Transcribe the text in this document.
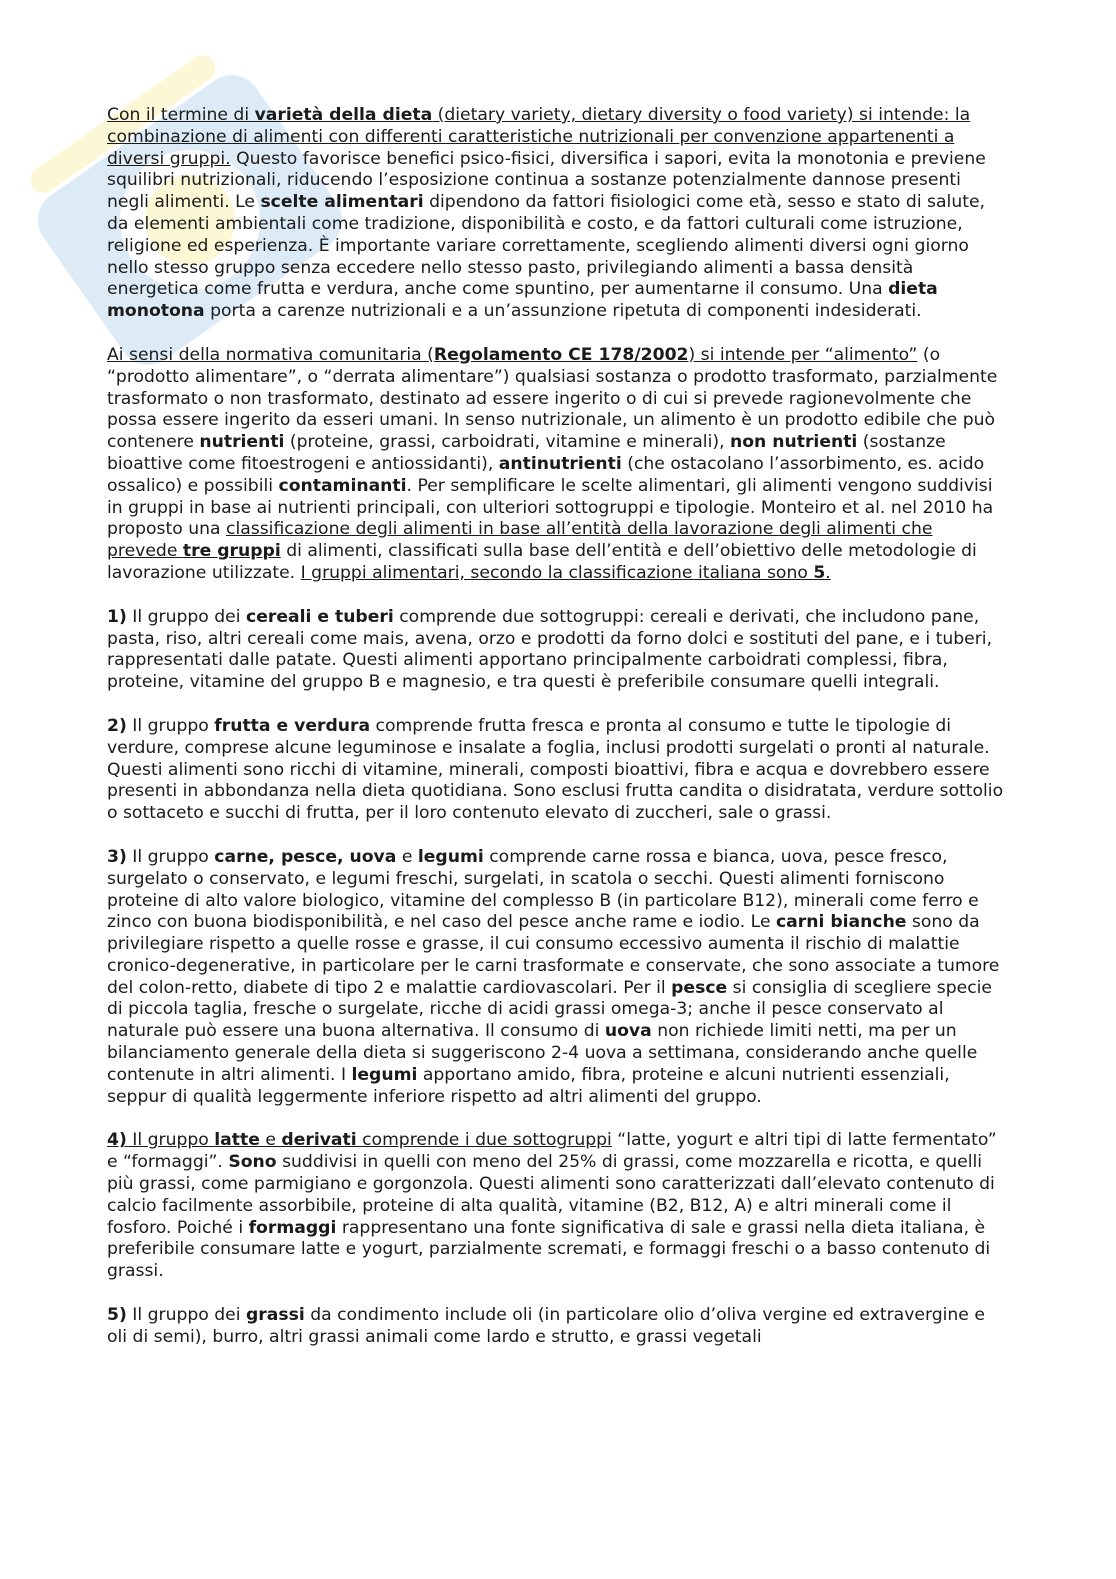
Con il termine di varietà della dieta (dietary variety, dietary diversity o food variety) si intende: la combinazione di alimenti con differenti caratteristiche nutrizionali per convenzione appartenenti a diversi gruppi. Questo favorisce benefici psico-fisici, diversifica i sapori, evita la monotonia e previene squilibri nutrizionali, riducendo l’esposizione continua a sostanze potenzialmente dannose presenti negli alimenti. Le scelte alimentari dipendono da fattori fisiologici come età, sesso e stato di salute, da elementi ambientali come tradizione, disponibilità e costo, e da fattori culturali come istruzione, religione ed esperienza. È importante variare correttamente, scegliendo alimenti diversi ogni giorno nello stesso gruppo senza eccedere nello stesso pasto, privilegiando alimenti a bassa densità energetica come frutta e verdura, anche come spuntino, per aumentarne il consumo. Una dieta monotona porta a carenze nutrizionali e a un’assunzione ripetuta di componenti indesiderati.

Ai sensi della normativa comunitaria (Regolamento CE 178/2002) si intende per “alimento” (o “prodotto alimentare”, o “derrata alimentare”) qualsiasi sostanza o prodotto trasformato, parzialmente trasformato o non trasformato, destinato ad essere ingerito o di cui si prevede ragionevolmente che possa essere ingerito da esseri umani. In senso nutrizionale, un alimento è un prodotto edibile che può contenere nutrienti (proteine, grassi, carboidrati, vitamine e minerali), non nutrienti (sostanze bioattive come fitoestrogeni e antiossidanti), antinutrienti (che ostacolano l’assorbimento, es. acido ossalico) e possibili contaminanti. Per semplificare le scelte alimentari, gli alimenti vengono suddivisi in gruppi in base ai nutrienti principali, con ulteriori sottogruppi e tipologie. Monteiro et al. nel 2010 ha proposto una classificazione degli alimenti in base all’entità della lavorazione degli alimenti che prevede tre gruppi di alimenti, classificati sulla base dell’entità e dell’obiettivo delle metodologie di lavorazione utilizzate. I gruppi alimentari, secondo la classificazione italiana sono 5.

1) Il gruppo dei cereali e tuberi comprende due sottogruppi: cereali e derivati, che includono pane, pasta, riso, altri cereali come mais, avena, orzo e prodotti da forno dolci e sostituti del pane, e i tuberi, rappresentati dalle patate. Questi alimenti apportano principalmente carboidrati complessi, fibra, proteine, vitamine del gruppo B e magnesio, e tra questi è preferibile consumare quelli integrali.

2) Il gruppo frutta e verdura comprende frutta fresca e pronta al consumo e tutte le tipologie di verdure, comprese alcune leguminose e insalate a foglia, inclusi prodotti surgelati o pronti al naturale. Questi alimenti sono ricchi di vitamine, minerali, composti bioattivi, fibra e acqua e dovrebbero essere presenti in abbondanza nella dieta quotidiana. Sono esclusi frutta candita o disidratata, verdure sottolio o sottaceto e succhi di frutta, per il loro contenuto elevato di zuccheri, sale o grassi.

3) Il gruppo carne, pesce, uova e legumi comprende carne rossa e bianca, uova, pesce fresco, surgelato o conservato, e legumi freschi, surgelati, in scatola o secchi. Questi alimenti forniscono proteine di alto valore biologico, vitamine del complesso B (in particolare B12), minerali come ferro e zinco con buona biodisponibilità, e nel caso del pesce anche rame e iodio. Le carni bianche sono da privilegiare rispetto a quelle rosse e grasse, il cui consumo eccessivo aumenta il rischio di malattie cronico-degenerative, in particolare per le carni trasformate e conservate, che sono associate a tumore del colon-retto, diabete di tipo 2 e malattie cardiovascolari. Per il pesce si consiglia di scegliere specie di piccola taglia, fresche o surgelate, ricche di acidi grassi omega-3; anche il pesce conservato al naturale può essere una buona alternativa. Il consumo di uova non richiede limiti netti, ma per un bilanciamento generale della dieta si suggeriscono 2-4 uova a settimana, considerando anche quelle contenute in altri alimenti. I legumi apportano amido, fibra, proteine e alcuni nutrienti essenziali, seppur di qualità leggermente inferiore rispetto ad altri alimenti del gruppo.

4) Il gruppo latte e derivati comprende i due sottogruppi “latte, yogurt e altri tipi di latte fermentato” e “formaggi”. Sono suddivisi in quelli con meno del 25% di grassi, come mozzarella e ricotta, e quelli più grassi, come parmigiano e gorgonzola. Questi alimenti sono caratterizzati dall’elevato contenuto di calcio facilmente assorbibile, proteine di alta qualità, vitamine (B2, B12, A) e altri minerali come il fosforo. Poiché i formaggi rappresentano una fonte significativa di sale e grassi nella dieta italiana, è preferibile consumare latte e yogurt, parzialmente scremati, e formaggi freschi o a basso contenuto di grassi.

5) Il gruppo dei grassi da condimento include oli (in particolare olio d’oliva vergine ed extravergine e oli di semi), burro, altri grassi animali come lardo e strutto, e grassi vegetali
